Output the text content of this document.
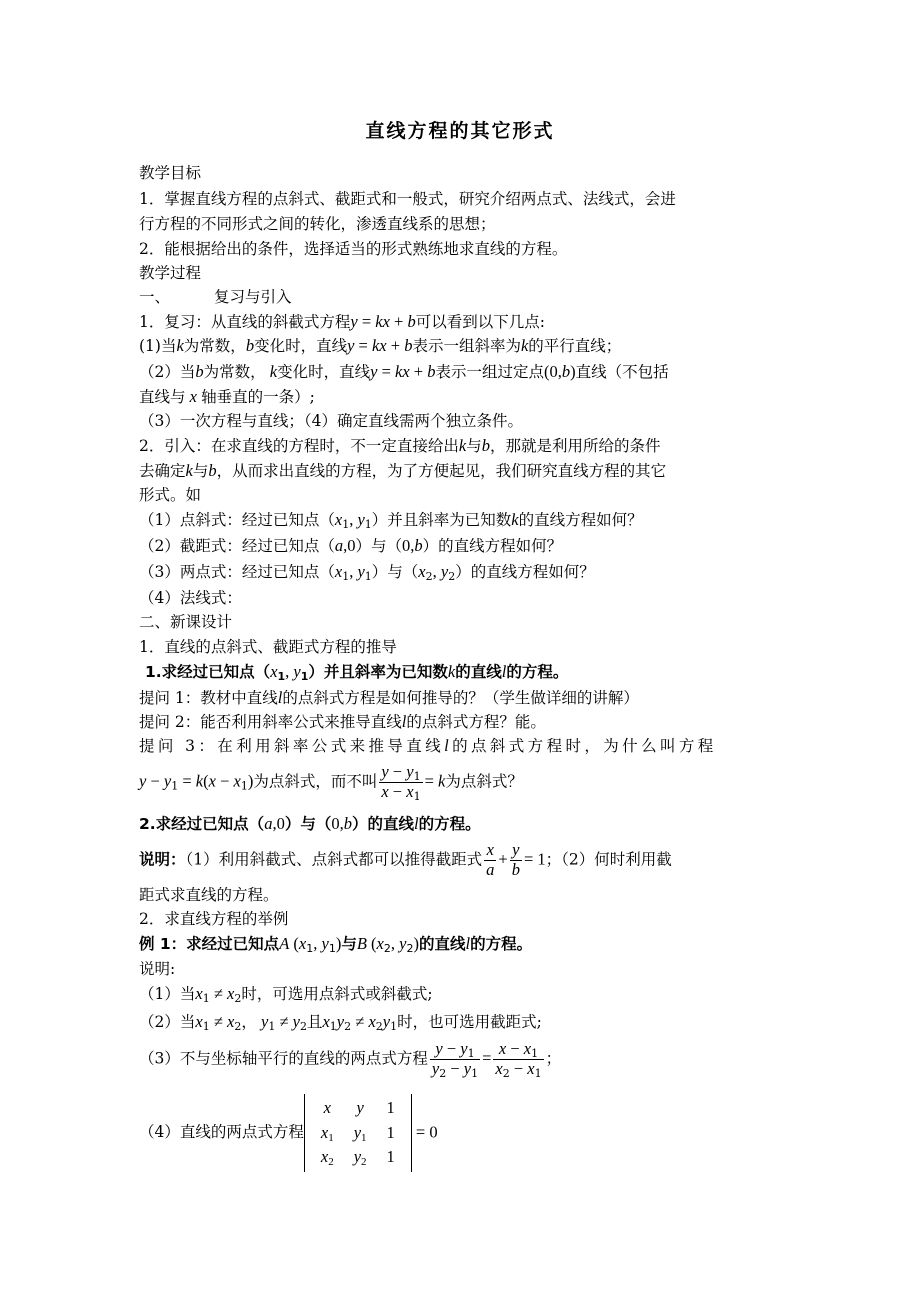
直线方程的其它形式
教学目标
1．掌握直线方程的点斜式、截距式和一般式，研究介绍两点式、法线式，会进
行方程的不同形式之间的转化，渗透直线系的思想；
2．能根据给出的条件，选择适当的形式熟练地求直线的方程。
教学过程
一、	复习与引入
1．复习：从直线的斜截式方程y = kx + b可以看到以下几点:
(1)当k为常数，b变化时，直线y = kx + b表示一组斜率为k的平行直线；
（2）当b为常数， k变化时，直线y = kx + b表示一组过定点(0,b)直线（不包括
直线与 x 轴垂直的一条）;
（3）一次方程与直线；（4）确定直线需两个独立条件。
2．引入：在求直线的方程时，不一定直接给出k与b，那就是利用所给的条件
去确定k与b，从而求出直线的方程，为了方便起见，我们研究直线方程的其它
形式。如
（1）点斜式：经过已知点（$x_1$, $y_1$）并且斜率为已知数k的直线方程如何？
（2）截距式：经过已知点（a,0）与（0,b）的直线方程如何？
（3）两点式：经过已知点（$x_1$, $y_1$）与（$x_2$, $y_2$）的直线方程如何？
（4）法线式：
二、新课设计
1．直线的点斜式、截距式方程的推导
1.求经过已知点（$x_1$, $y_1$）并且斜率为已知数k的直线l的方程。
提问 1：教材中直线l的点斜式方程是如何推导的？（学生做详细的讲解）
提问 2：能否利用斜率公式来推导直线l的点斜式方程？能。
提问 3：在利用斜率公式来推导直线l的点斜式方程时，为什么叫方程
$y - y_1 = k(x - x_1)$为点斜式，而不叫 $\frac{y - y_1}{x - x_1} = k$为点斜式？
2.求经过已知点（a,0）与（0,b）的直线l的方程。
说明：（1）利用斜截式、点斜式都可以推得截距式 $\frac{x}{a} + \frac{y}{b} = 1$；（2）何时利用截
距式求直线的方程。
2．求直线方程的举例
例 1：求经过已知点A ($x_1$, $y_1$)与B ($x_2$, $y_2$)的直线l的方程。
说明:
（1）当$x_1 \ne x_2$时，可选用点斜式或斜截式;
（2）当$x_1 \ne x_2$， $y_1 \ne y_2$且$x_1y_2 \ne x_2y_1$时，也可选用截距式;
（3）不与坐标轴平行的直线的两点式方程 $\frac{y - y_1}{y_2 - y_1} = \frac{x - x_1}{x_2 - x_1}$ ；
（4）直线的两点式方程
x	y	1
$x_1$	$y_1$	1
$x_2$	$y_2$	1
= 0
